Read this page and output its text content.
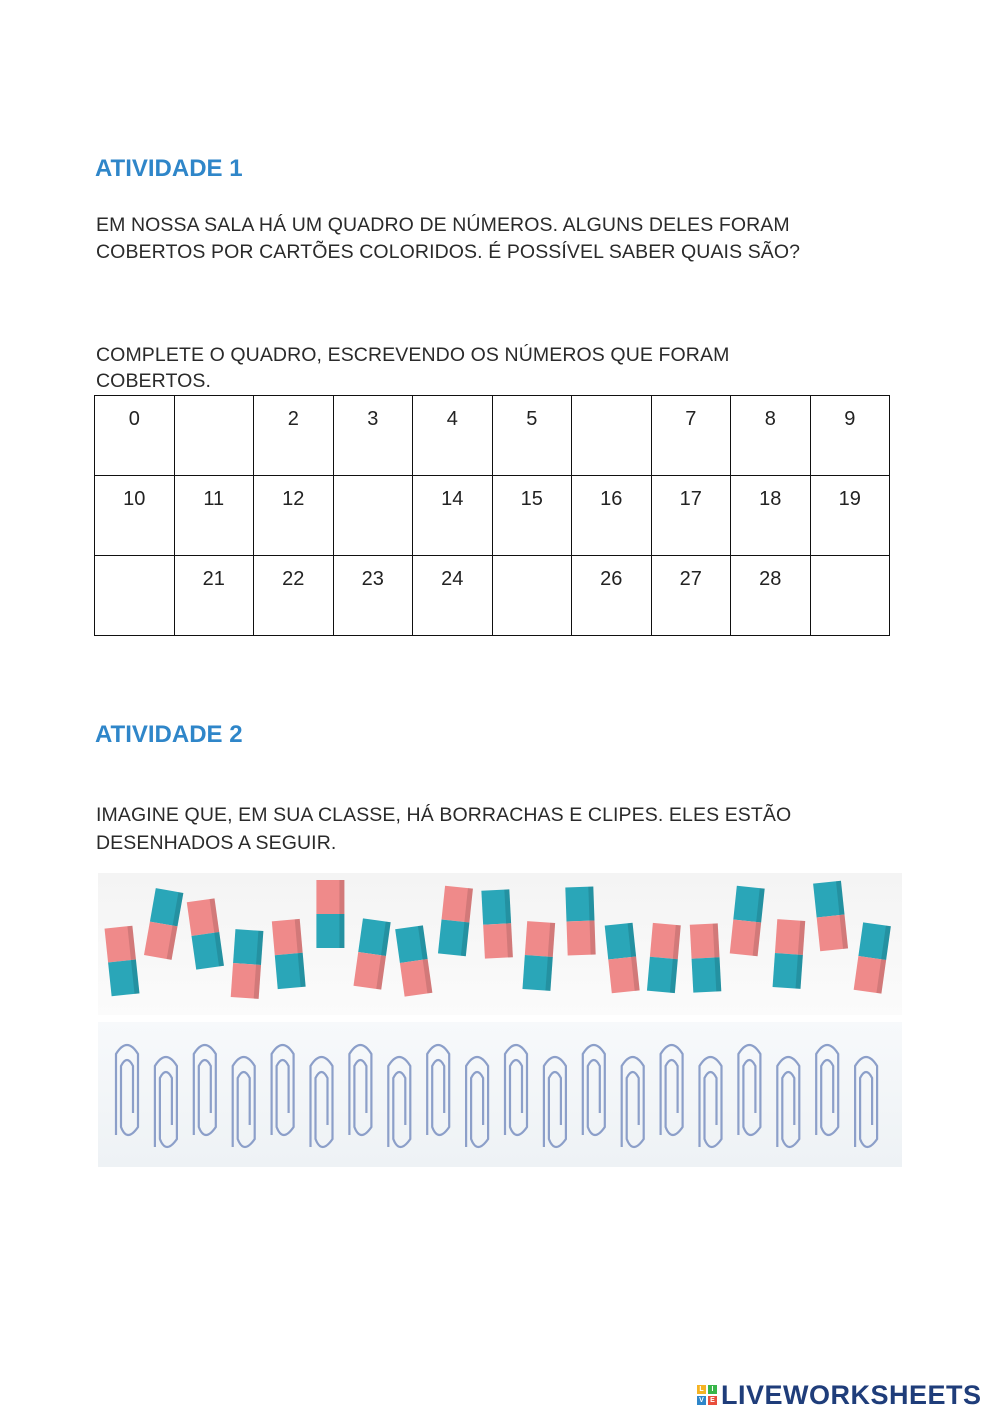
ATIVIDADE 1

EM NOSSA SALA HÁ UM QUADRO DE NÚMEROS. ALGUNS DELES FORAM
COBERTOS POR CARTÕES COLORIDOS. É POSSÍVEL SABER QUAIS SÃO?

COMPLETE O QUADRO, ESCREVENDO OS NÚMEROS QUE FORAM
COBERTOS.

0		2	3	4	5		7	8	9
10	11	12		14	15	16	17	18	19
	21	22	23	24		26	27	28	
ATIVIDADE 2

IMAGINE QUE, EM SUA CLASSE, HÁ BORRACHAS E CLIPES. ELES ESTÃO
DESENHADOS A SEGUIR.

L	I
V E LIVEWORKSHEETS
